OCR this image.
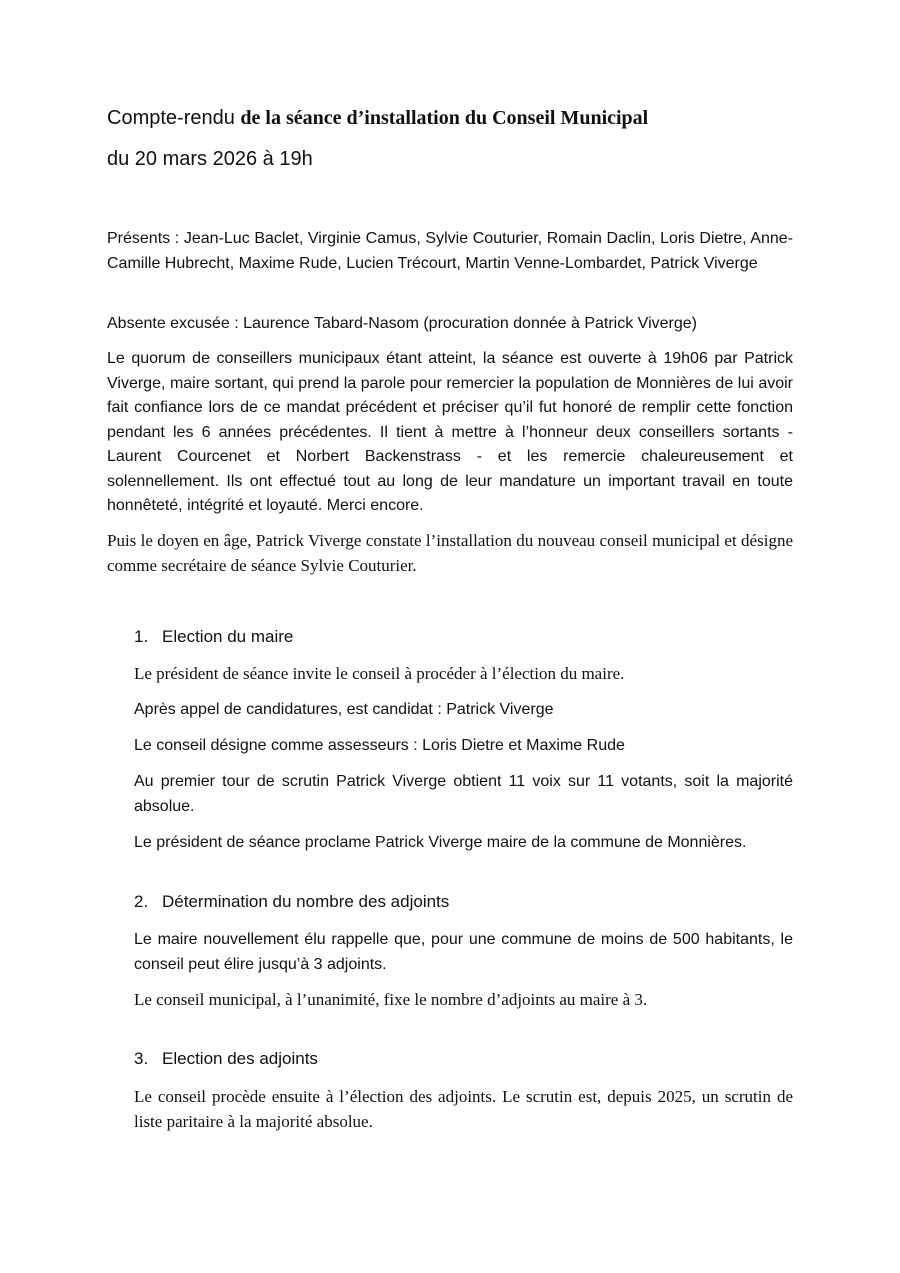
Compte-rendu de la séance d’installation du Conseil Municipal
du 20 mars 2026 à 19h

Présents : Jean-Luc Baclet, Virginie Camus, Sylvie Couturier, Romain Daclin, Loris Dietre, Anne-Camille Hubrecht, Maxime Rude, Lucien Trécourt, Martin Venne-Lombardet, Patrick Viverge

Absente excusée : Laurence Tabard-Nasom (procuration donnée à Patrick Viverge)

Le quorum de conseillers municipaux étant atteint, la séance est ouverte à 19h06 par Patrick Viverge, maire sortant, qui prend la parole pour remercier la population de Monnières de lui avoir fait confiance lors de ce mandat précédent et préciser qu’il fut honoré de remplir cette fonction pendant les 6 années précédentes. Il tient à mettre à l’honneur deux conseillers sortants - Laurent Courcenet et Norbert Backenstrass - et les remercie chaleureusement et solennellement. Ils ont effectué tout au long de leur mandature un important travail en toute honnêteté, intégrité et loyauté. Merci encore.

Puis le doyen en âge, Patrick Viverge constate l’installation du nouveau conseil municipal et désigne comme secrétaire de séance Sylvie Couturier.

1. Election du maire

Le président de séance invite le conseil à procéder à l’élection du maire.

Après appel de candidatures, est candidat : Patrick Viverge

Le conseil désigne comme assesseurs : Loris Dietre et Maxime Rude

Au premier tour de scrutin Patrick Viverge obtient 11 voix sur 11 votants, soit la majorité absolue.

Le président de séance proclame Patrick Viverge maire de la commune de Monnières.

2. Détermination du nombre des adjoints

Le maire nouvellement élu rappelle que, pour une commune de moins de 500 habitants, le conseil peut élire jusqu’à 3 adjoints.

Le conseil municipal, à l’unanimité, fixe le nombre d’adjoints au maire à 3.

3. Election des adjoints

Le conseil procède ensuite à l’élection des adjoints. Le scrutin est, depuis 2025, un scrutin de liste paritaire à la majorité absolue.
